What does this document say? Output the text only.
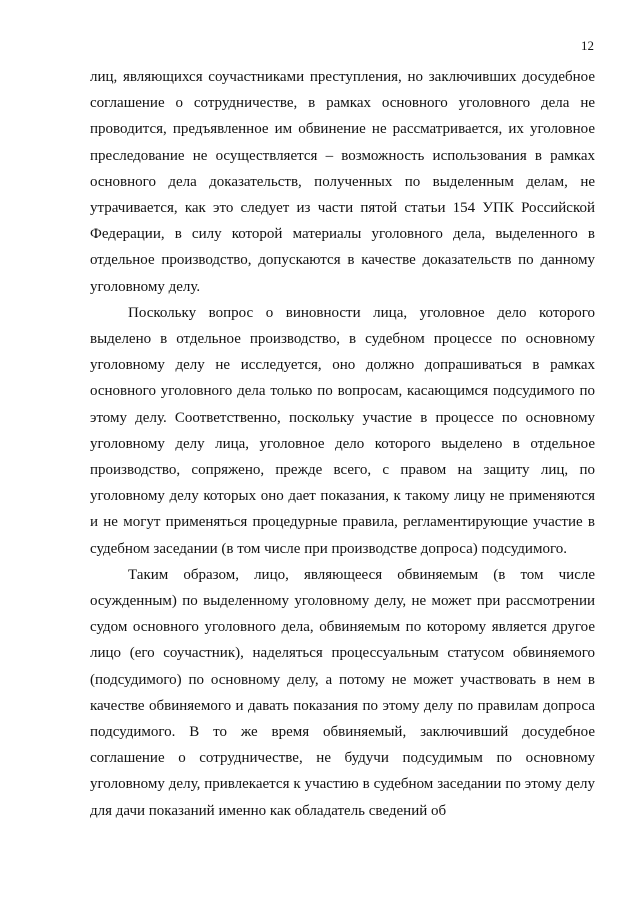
12

лиц, являющихся соучастниками преступления, но заключивших досудебное соглашение о сотрудничестве, в рамках основного уголовного дела не проводится, предъявленное им обвинение не рассматривается, их уголовное преследование не осуществляется – возможность использования в рамках основного дела доказательств, полученных по выделенным делам, не утрачивается, как это следует из части пятой статьи 154 УПК Российской Федерации, в силу которой материалы уголовного дела, выделенного в отдельное производство, допускаются в качестве доказательств по данному уголовному делу.

Поскольку вопрос о виновности лица, уголовное дело которого выделено в отдельное производство, в судебном процессе по основному уголовному делу не исследуется, оно должно допрашиваться в рамках основного уголовного дела только по вопросам, касающимся подсудимого по этому делу. Соответственно, поскольку участие в процессе по основному уголовному делу лица, уголовное дело которого выделено в отдельное производство, сопряжено, прежде всего, с правом на защиту лиц, по уголовному делу которых оно дает показания, к такому лицу не применяются и не могут применяться процедурные правила, регламентирующие участие в судебном заседании (в том числе при производстве допроса) подсудимого.

Таким образом, лицо, являющееся обвиняемым (в том числе осужденным) по выделенному уголовному делу, не может при рассмотрении судом основного уголовного дела, обвиняемым по которому является другое лицо (его соучастник), наделяться процессуальным статусом обвиняемого (подсудимого) по основному делу, а потому не может участвовать в нем в качестве обвиняемого и давать показания по этому делу по правилам допроса подсудимого. В то же время обвиняемый, заключивший досудебное соглашение о сотрудничестве, не будучи подсудимым по основному уголовному делу, привлекается к участию в судебном заседании по этому делу для дачи показаний именно как обладатель сведений об
